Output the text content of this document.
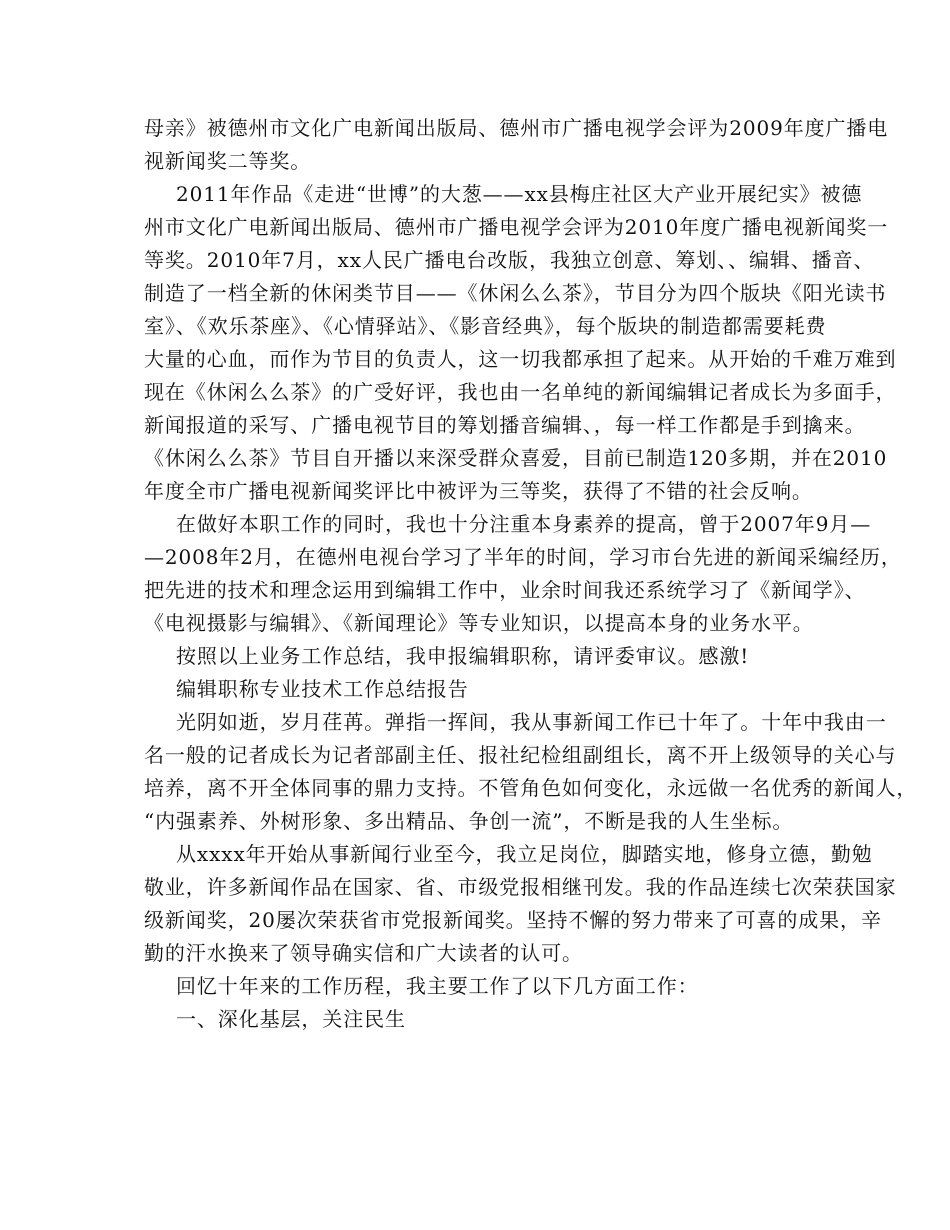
母亲》被德州市文化广电新闻出版局、德州市广播电视学会评为2009年度广播电
视新闻奖二等奖。
2011年作品《走进“世博”的大葱——xx县梅庄社区大产业开展纪实》被德
州市文化广电新闻出版局、德州市广播电视学会评为2010年度广播电视新闻奖一
等奖。2010年7月，xx人民广播电台改版，我独立创意、筹划、、编辑、播音、
制造了一档全新的休闲类节目——《休闲么么茶》，节目分为四个版块《阳光读书
室》、《欢乐茶座》、《心情驿站》、《影音经典》，每个版块的制造都需要耗费
大量的心血，而作为节目的负责人，这一切我都承担了起来。从开始的千难万难到
现在《休闲么么茶》的广受好评，我也由一名单纯的新闻编辑记者成长为多面手，
新闻报道的采写、广播电视节目的筹划播音编辑、，每一样工作都是手到擒来。
《休闲么么茶》节目自开播以来深受群众喜爱，目前已制造120多期，并在2010
年度全市广播电视新闻奖评比中被评为三等奖，获得了不错的社会反响。
在做好本职工作的同时，我也十分注重本身素养的提高，曾于2007年9月—
—2008年2月，在德州电视台学习了半年的时间，学习市台先进的新闻采编经历，
把先进的技术和理念运用到编辑工作中，业余时间我还系统学习了《新闻学》、
《电视摄影与编辑》、《新闻理论》等专业知识，以提高本身的业务水平。
按照以上业务工作总结，我申报编辑职称，请评委审议。感激!
编辑职称专业技术工作总结报告
光阴如逝，岁月荏苒。弹指一挥间，我从事新闻工作已十年了。十年中我由一
名一般的记者成长为记者部副主任、报社纪检组副组长，离不开上级领导的关心与
培养，离不开全体同事的鼎力支持。不管角色如何变化，永远做一名优秀的新闻人，
“内强素养、外树形象、多出精品、争创一流”，不断是我的人生坐标。
从xxxx年开始从事新闻行业至今，我立足岗位，脚踏实地，修身立德，勤勉
敬业，许多新闻作品在国家、省、市级党报相继刊发。我的作品连续七次荣获国家
级新闻奖，20屡次荣获省市党报新闻奖。坚持不懈的努力带来了可喜的成果，辛
勤的汗水换来了领导确实信和广大读者的认可。
回忆十年来的工作历程，我主要工作了以下几方面工作：
一、深化基层，关注民生
